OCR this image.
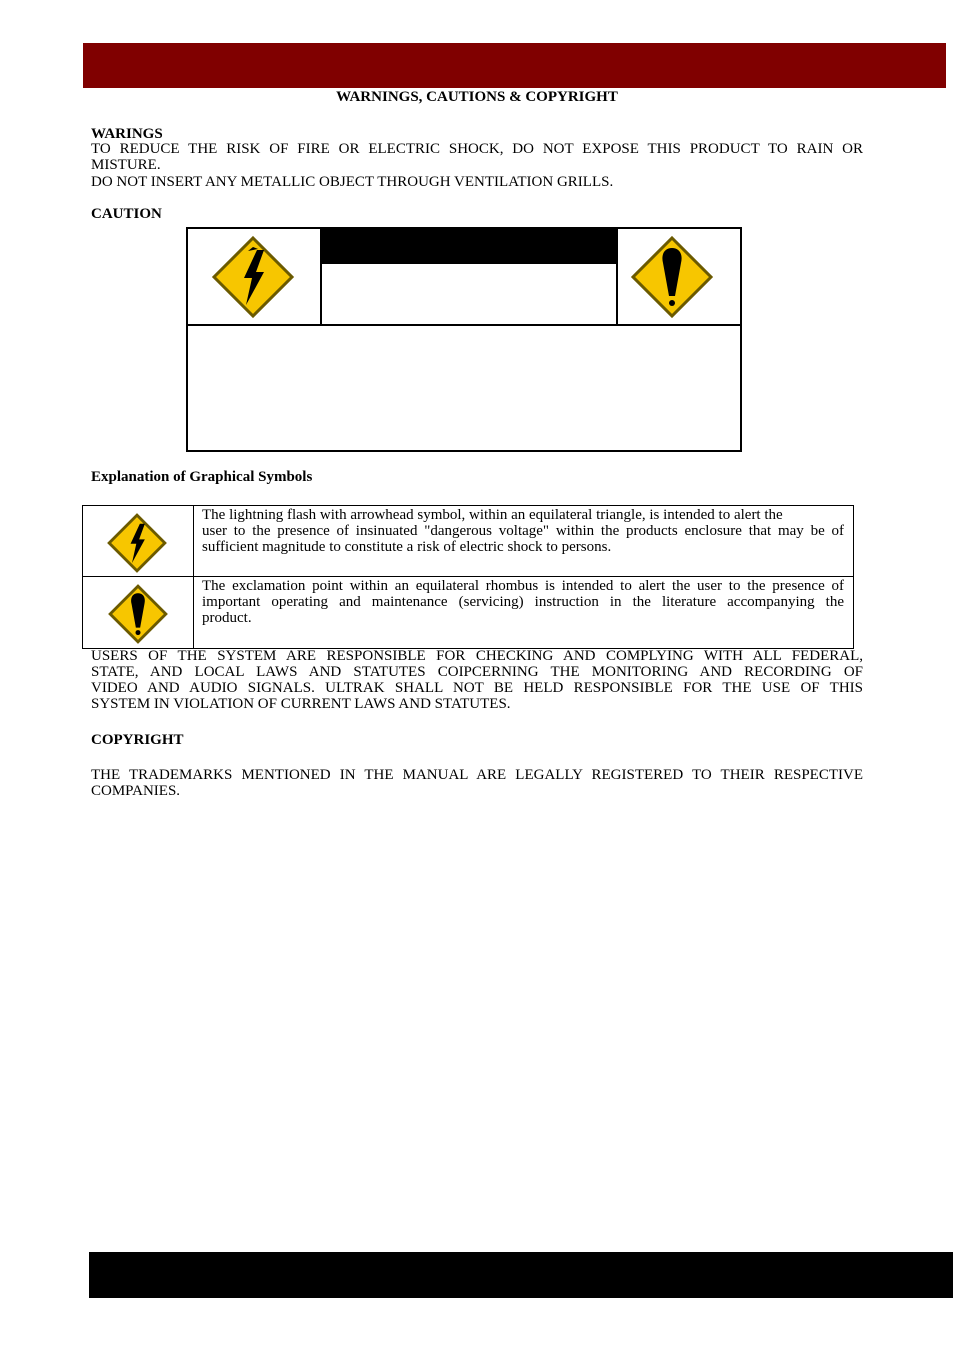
WARNINGS, CAUTIONS & COPYRIGHT
WARINGS
TO REDUCE THE RISK OF FIRE OR ELECTRIC SHOCK, DO NOT EXPOSE THIS PRODUCT TO RAIN OR
MISTURE.
DO NOT INSERT ANY METALLIC OBJECT THROUGH VENTILATION GRILLS.
CAUTION
Explanation of Graphical Symbols
The lightning flash with arrowhead symbol, within an equilateral triangle, is intended to alert the
user to the presence of insinuated "dangerous voltage" within the products enclosure that may be of
sufficient magnitude to constitute a risk of electric shock to persons.
The exclamation point within an equilateral rhombus is intended to alert the user to the presence of
important operating and maintenance (servicing) instruction in the literature accompanying the
product.
USERS OF THE SYSTEM ARE RESPONSIBLE FOR CHECKING AND COMPLYING WITH ALL FEDERAL,
STATE, AND LOCAL LAWS AND STATUTES COIPCERNING THE MONITORING AND RECORDING OF
VIDEO AND AUDIO SIGNALS. ULTRAK SHALL NOT BE HELD RESPONSIBLE FOR THE USE OF THIS
SYSTEM IN VIOLATION OF CURRENT LAWS AND STATUTES.
COPYRIGHT
THE TRADEMARKS MENTIONED IN THE MANUAL ARE LEGALLY REGISTERED TO THEIR RESPECTIVE
COMPANIES.
